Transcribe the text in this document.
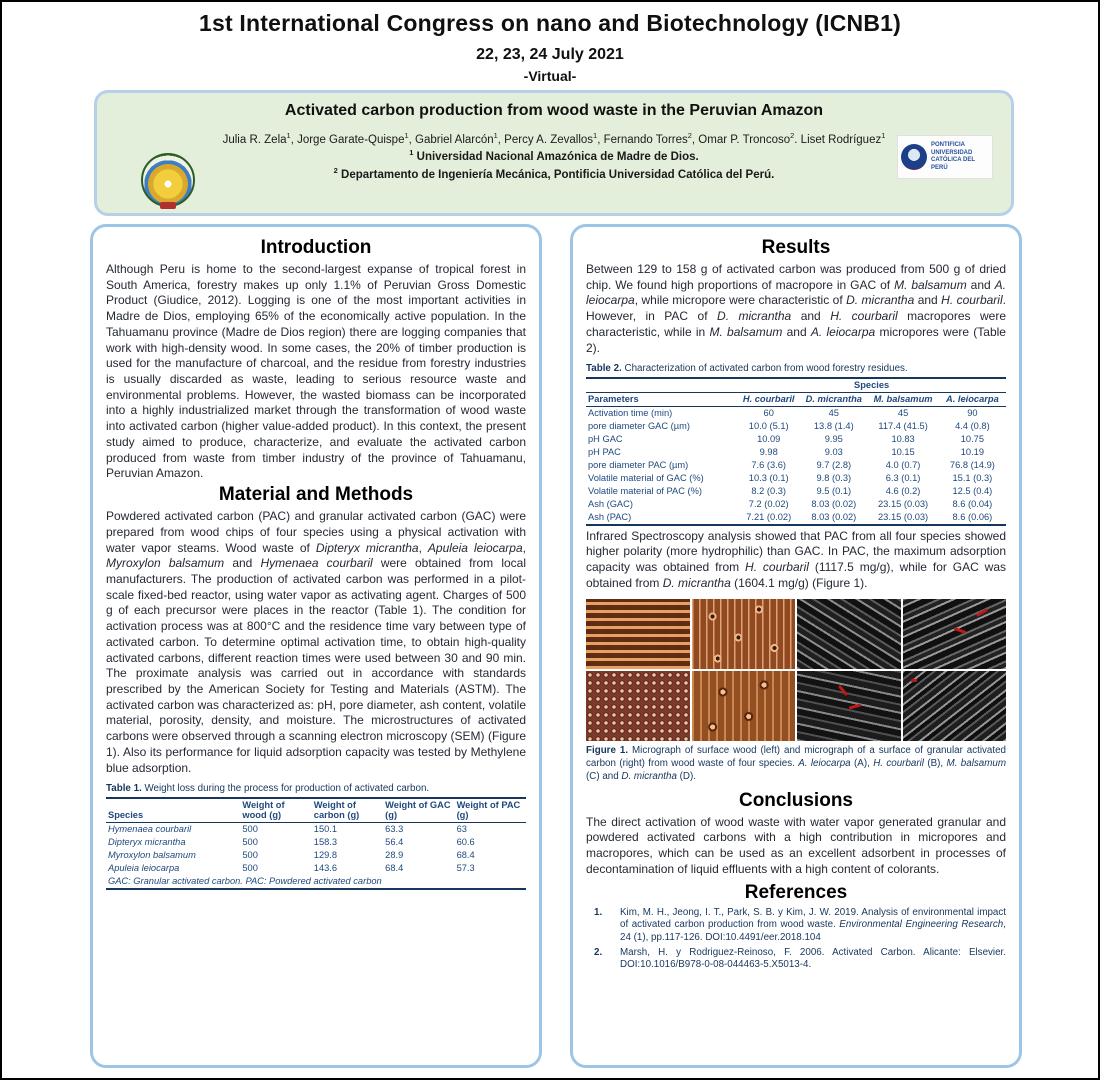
1st International Congress on nano and Biotechnology (ICNB1)
22, 23, 24 July 2021
-Virtual-
Activated carbon production from wood waste in the Peruvian Amazon
Julia R. Zela$^1$, Jorge Garate-Quispe$^1$, Gabriel Alarcón$^1$, Percy A. Zevallos$^1$, Fernando Torres$^2$, Omar P. Troncoso$^2$. Liset Rodríguez$^1$
$^1$ Universidad Nacional Amazónica de Madre de Dios.
$^2$ Departamento de Ingeniería Mecánica, Pontificia Universidad Católica del Perú.
PONTIFICIA UNIVERSIDAD CATÓLICA DEL PERÚ
Introduction

Although Peru is home to the second-largest expanse of tropical forest in South America, forestry makes up only 1.1% of Peruvian Gross Domestic Product (Giudice, 2012). Logging is one of the most important activities in Madre de Dios, employing 65% of the economically active population. In the Tahuamanu province (Madre de Dios region) there are logging companies that work with high-density wood. In some cases, the 20% of timber production is used for the manufacture of charcoal, and the residue from forestry industries is usually discarded as waste, leading to serious resource waste and environmental problems. However, the wasted biomass can be incorporated into a highly industrialized market through the transformation of wood waste into activated carbon (higher value-added product). In this context, the present study aimed to produce, characterize, and evaluate the activated carbon produced from waste from timber industry of the province of Tahuamanu, Peruvian Amazon.

Material and Methods

Powdered activated carbon (PAC) and granular activated carbon (GAC) were prepared from wood chips of four species using a physical activation with water vapor steams. Wood waste of Dipteryx micrantha, Apuleia leiocarpa, Myroxylon balsamum and Hymenaea courbaril were obtained from local manufacturers. The production of activated carbon was performed in a pilot-scale fixed-bed reactor, using water vapor as activating agent. Charges of 500 g of each precursor were places in the reactor (Table 1). The condition for activation process was at 800°C and the residence time vary between type of activated carbon. To determine optimal activation time, to obtain high-quality activated carbons, different reaction times were used between 30 and 90 min. The proximate analysis was carried out in accordance with standards prescribed by the American Society for Testing and Materials (ASTM). The activated carbon was characterized as: pH, pore diameter, ash content, volatile material, porosity, density, and moisture. The microstructures of activated carbons were observed through a scanning electron microscopy (SEM) (Figure 1). Also its performance for liquid adsorption capacity was tested by Methylene blue adsorption.

Table 1. Weight loss during the process for production of activated carbon.
Species	Weight of wood (g)	Weight of carbon (g)	Weight of GAC (g)	Weight of PAC (g)
Hymenaea courbaril	500	150.1	63.3	63
Dipteryx micrantha	500	158.3	56.4	60.6
Myroxylon balsamum	500	129.8	28.9	68.4
Apuleia leiocarpa	500	143.6	68.4	57.3
GAC: Granular activated carbon. PAC: Powdered activated carbon				
Results

Between 129 to 158 g of activated carbon was produced from 500 g of dried chip. We found high proportions of macropore in GAC of M. balsamum and A. leiocarpa, while micropore were characteristic of D. micrantha and H. courbaril. However, in PAC of D. micrantha and H. courbaril macropores were characteristic, while in M. balsamum and A. leiocarpa micropores were (Table 2).

Table 2. Characterization of activated carbon from wood forestry residues.
	Species			
Parameters	H. courbaril	D. micrantha	M. balsamum	A. leiocarpa
Activation time (min)	60	45	45	90
pore diameter GAC (µm)	10.0 (5.1)	13.8 (1.4)	117.4 (41.5)	4.4 (0.8)
pH GAC	10.09	9.95	10.83	10.75
pH PAC	9.98	9.03	10.15	10.19
pore diameter PAC (µm)	7.6 (3.6)	9.7 (2.8)	4.0 (0.7)	76.8 (14.9)
Volatile material of GAC (%)	10.3 (0.1)	9.8 (0.3)	6.3 (0.1)	15.1 (0.3)
Volatile material of PAC (%)	8.2 (0.3)	9.5 (0.1)	4.6 (0.2)	12.5 (0.4)
Ash (GAC)	7.2 (0.02)	8.03 (0.02)	23.15 (0.03)	8.6 (0.04)
Ash (PAC)	7.21 (0.02)	8.03 (0.02)	23.15 (0.03)	8.6 (0.06)

Infrared Spectroscopy analysis showed that PAC from all four species showed higher polarity (more hydrophilic) than GAC. In PAC, the maximum adsorption capacity was obtained from H. courbaril (1117.5 mg/g), while for GAC was obtained from D. micrantha (1604.1 mg/g) (Figure 1).

Figure 1. Micrograph of surface wood (left) and micrograph of a surface of granular activated carbon (right) from wood waste of four species. A. leiocarpa (A), H. courbaril (B), M. balsamum (C) and D. micrantha (D).
Conclusions

The direct activation of wood waste with water vapor generated granular and powdered activated carbons with a high contribution in micropores and macropores, which can be used as an excellent adsorbent in processes of decontamination of liquid effluents with a high content of colorants.

References
1.	Kim, M. H., Jeong, I. T., Park, S. B. y Kim, J. W. 2019. Analysis of environmental impact of activated carbon production from wood waste. Environmental Engineering Research, 24 (1), pp.117-126. DOI:10.4491/eer.2018.104
2.	Marsh, H. y Rodriguez-Reinoso, F. 2006. Activated Carbon. Alicante: Elsevier. DOI:10.1016/B978-0-08-044463-5.X5013-4.
